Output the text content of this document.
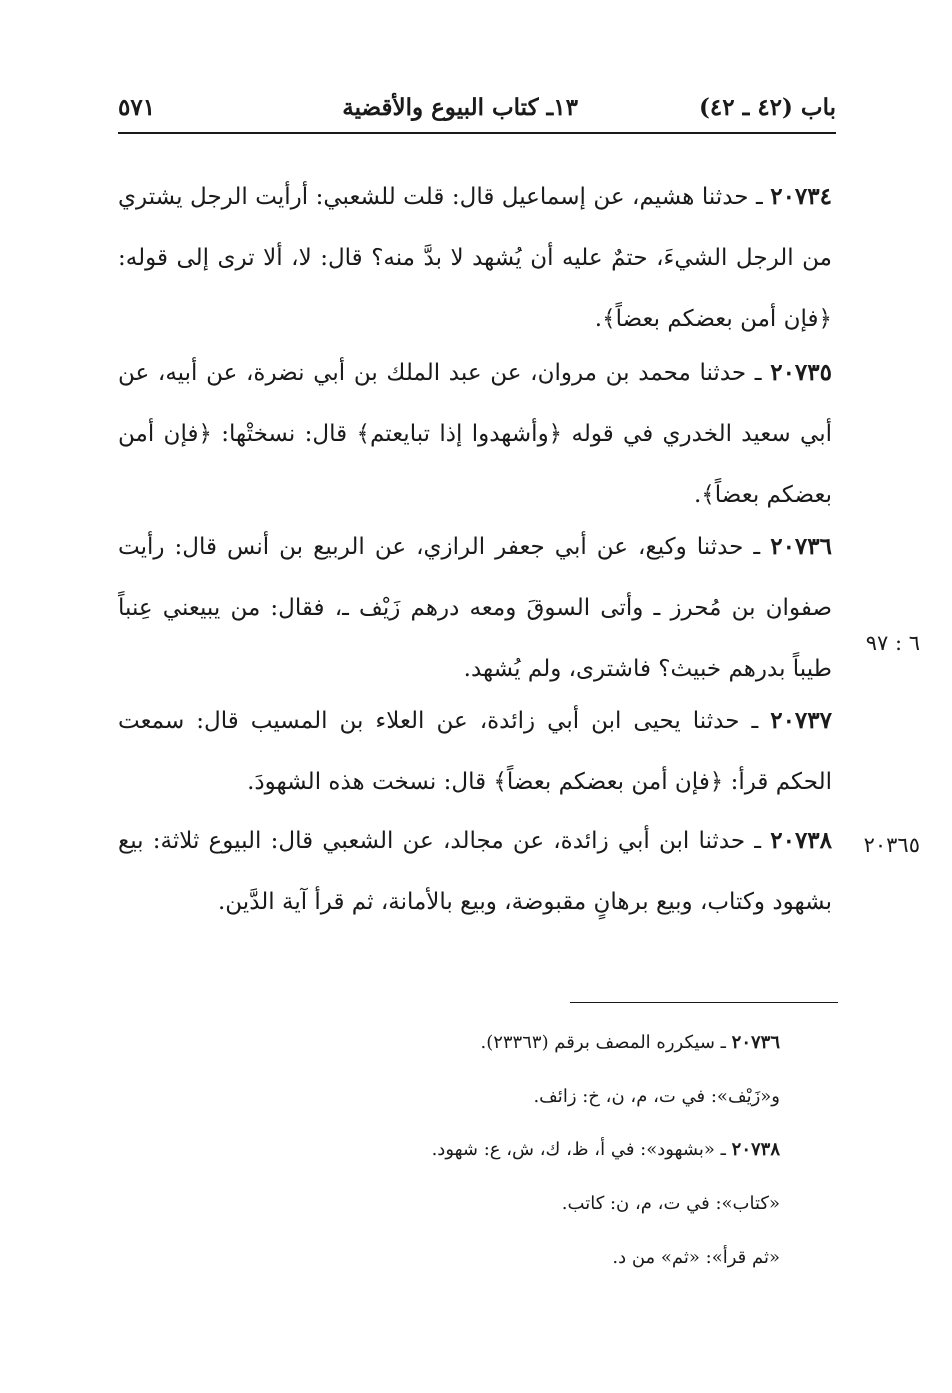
باب (٤٢ ـ ٤٢)
١٣ـ كتاب البيوع والأقضية
٥٧١
٢٠٧٣٤ ـ حدثنا هشيم، عن إسماعيل قال: قلت للشعبي: أرأيت الرجل يشتري من الرجل الشيءَ، حتمٌ عليه أن يُشهد لا بدَّ منه؟ قال: لا، ألا ترى إلى قوله: ﴿فإن أمن بعضكم بعضاً﴾.
٢٠٧٣٥ ـ حدثنا محمد بن مروان، عن عبد الملك بن أبي نضرة، عن أبيه، عن أبي سعيد الخدري في قوله ﴿وأشهدوا إذا تبايعتم﴾ قال: نسختْها: ﴿فإن أمن بعضكم بعضاً﴾.
٢٠٧٣٦ ـ حدثنا وكيع، عن أبي جعفر الرازي، عن الربيع بن أنس قال: رأيت صفوان بن مُحرز ـ وأتى السوقَ ومعه درهم زَيْف ـ، فقال: من يبيعني عِنباً طيباً بدرهم خبيث؟ فاشترى، ولم يُشهد.
٦ : ٩٧
٢٠٧٣٧ ـ حدثنا يحيى ابن أبي زائدة، عن العلاء بن المسيب قال: سمعت الحكم قرأ: ﴿فإن أمن بعضكم بعضاً﴾ قال: نسخت هذه الشهودَ.
٢٠٧٣٨ ـ حدثنا ابن أبي زائدة، عن مجالد، عن الشعبي قال: البيوع ثلاثة: بيع بشهود وكتاب، وبيع برهانٍ مقبوضة، وبيع بالأمانة، ثم قرأ آية الدَّين.
٢٠٣٦٥
٢٠٧٣٦ ـ سيكرره المصف برقم (٢٣٣٦٣).
و«زَيْف»: في ت، م، ن، خ: زائف.
٢٠٧٣٨ ـ «بشهود»: في أ، ظ، ك، ش، ع: شهود.
«كتاب»: في ت، م، ن: كاتب.
«ثم قرأ»: «ثم» من د.
